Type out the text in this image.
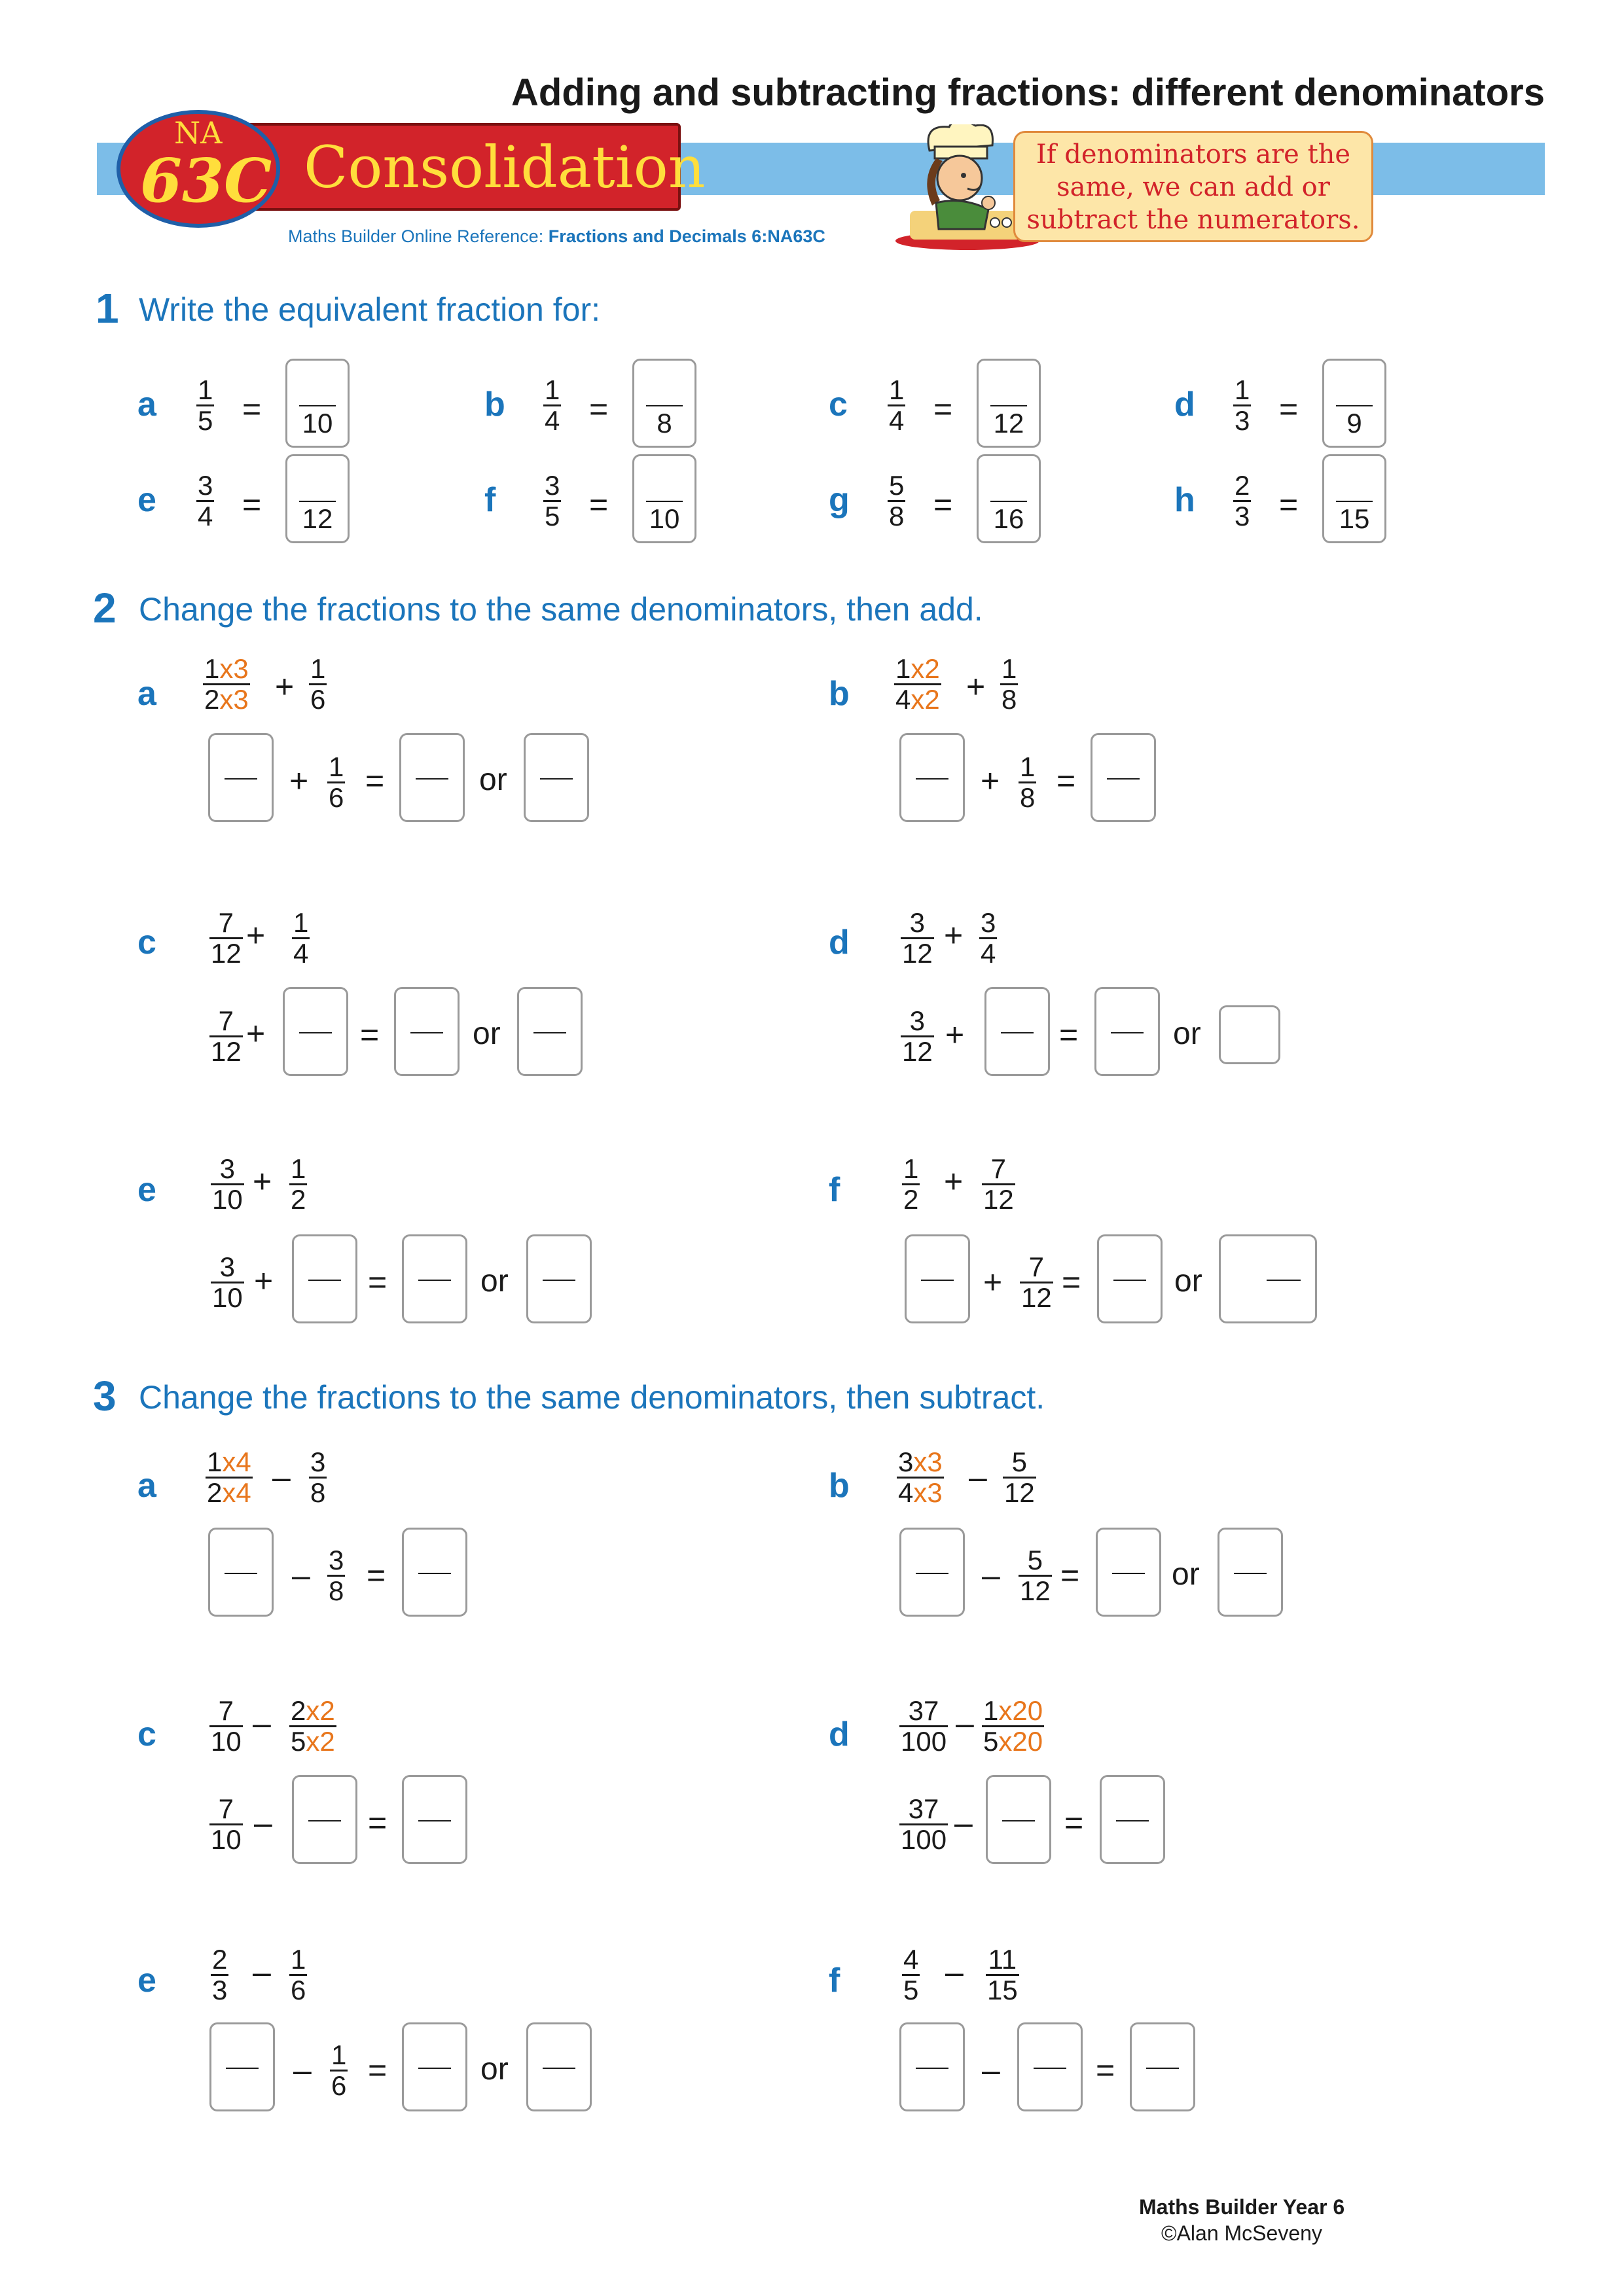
Adding and subtracting fractions: different denominators
Consolidation
NA
63C
Maths Builder Online Reference: Fractions and Decimals 6:NA63C
If denominators are the
same, we can add or
subtract the numerators.
1 Write the equivalent fraction for:
2 Change the fractions to the same denominators, then add.
3 Change the fractions to the same denominators, then subtract.
a $\frac{1}{5}$ =	10	b $\frac{1}{4}$ =	8	c $\frac{1}{4}$ =	12	d $\frac{1}{3}$ =	9
e $\frac{3}{4}$ =	12	f $\frac{3}{5}$ =	10	g $\frac{5}{8}$ =	16	h $\frac{2}{3}$ =	15
a $\frac{1x3}{2x3} + \frac{1}{6}$
+ $\frac{1}{6}$ =	or
b $\frac{1x2}{4x2} + \frac{1}{8}$
+ $\frac{1}{8}$ =
c $\frac{7}{12} + \frac{1}{4}$
$\frac{7}{12}$ +	=	or
d $\frac{3}{12} + \frac{3}{4}$
$\frac{3}{12}$ +	=	or
e $\frac{3}{10} + \frac{1}{2}$
$\frac{3}{10}$ +	=	or
f $\frac{1}{2} + \frac{7}{12}$
+ $\frac{7}{12}$ =	or
a $\frac{1x4}{2x4} - \frac{3}{8}$
– $\frac{3}{8}$ =
b $\frac{3x3}{4x3} - \frac{5}{12}$
– $\frac{5}{12}$ =	or
c $\frac{7}{10} - \frac{2x2}{5x2}$
$\frac{7}{10}$ –	=
d $\frac{37}{100} - \frac{1x20}{5x20}$
$\frac{37}{100}$ –	=
e $\frac{2}{3} - \frac{1}{6}$
– $\frac{1}{6}$ =	or
f $\frac{4}{5} - \frac{11}{15}$
–	=
Maths Builder Year 6
©Alan McSeveny
